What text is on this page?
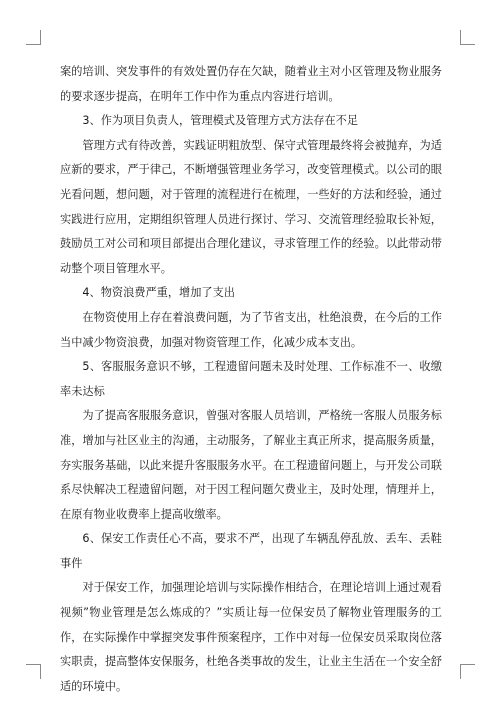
案的培训、突发事件的有效处置仍存在欠缺，随着业主对小区管理及物业服务的要求逐步提高，在明年工作中作为重点内容进行培训。

3、作为项目负责人，管理模式及管理方式方法存在不足

管理方式有待改善，实践证明粗放型、保守式管理最终将会被抛弃，为适应新的要求，严于律己，不断增强管理业务学习，改变管理模式。以公司的眼光看问题，想问题，对于管理的流程进行在梳理，一些好的方法和经验，通过实践进行应用，定期组织管理人员进行探讨、学习、交流管理经验取长补短，鼓励员工对公司和项目部提出合理化建议，寻求管理工作的经验。以此带动带动整个项目管理水平。

4、物资浪费严重，增加了支出

在物资使用上存在着浪费问题，为了节省支出，杜绝浪费，在今后的工作当中减少物资浪费，加强对物资管理工作，化减少成本支出。

5、客服服务意识不够，工程遗留问题未及时处理、工作标准不一、收缴率未达标

为了提高客服服务意识，曾强对客服人员培训，严格统一客服人员服务标准，增加与社区业主的沟通，主动服务，了解业主真正所求，提高服务质量，夯实服务基础，以此来提升客服服务水平。在工程遗留问题上，与开发公司联系尽快解决工程遗留问题，对于因工程问题欠费业主，及时处理，情理并上，在原有物业收费率上提高收缴率。

6、保安工作责任心不高，要求不严，出现了车辆乱停乱放、丢车、丢鞋事件

对于保安工作，加强理论培训与实际操作相结合，在理论培训上通过观看视频”物业管理是怎么炼成的？”实质让每一位保安员了解物业管理服务的工作，在实际操作中掌握突发事件预案程序，工作中对每一位保安员采取岗位落实职责，提高整体安保服务，杜绝各类事故的发生，让业主生活在一个安全舒适的环境中。
